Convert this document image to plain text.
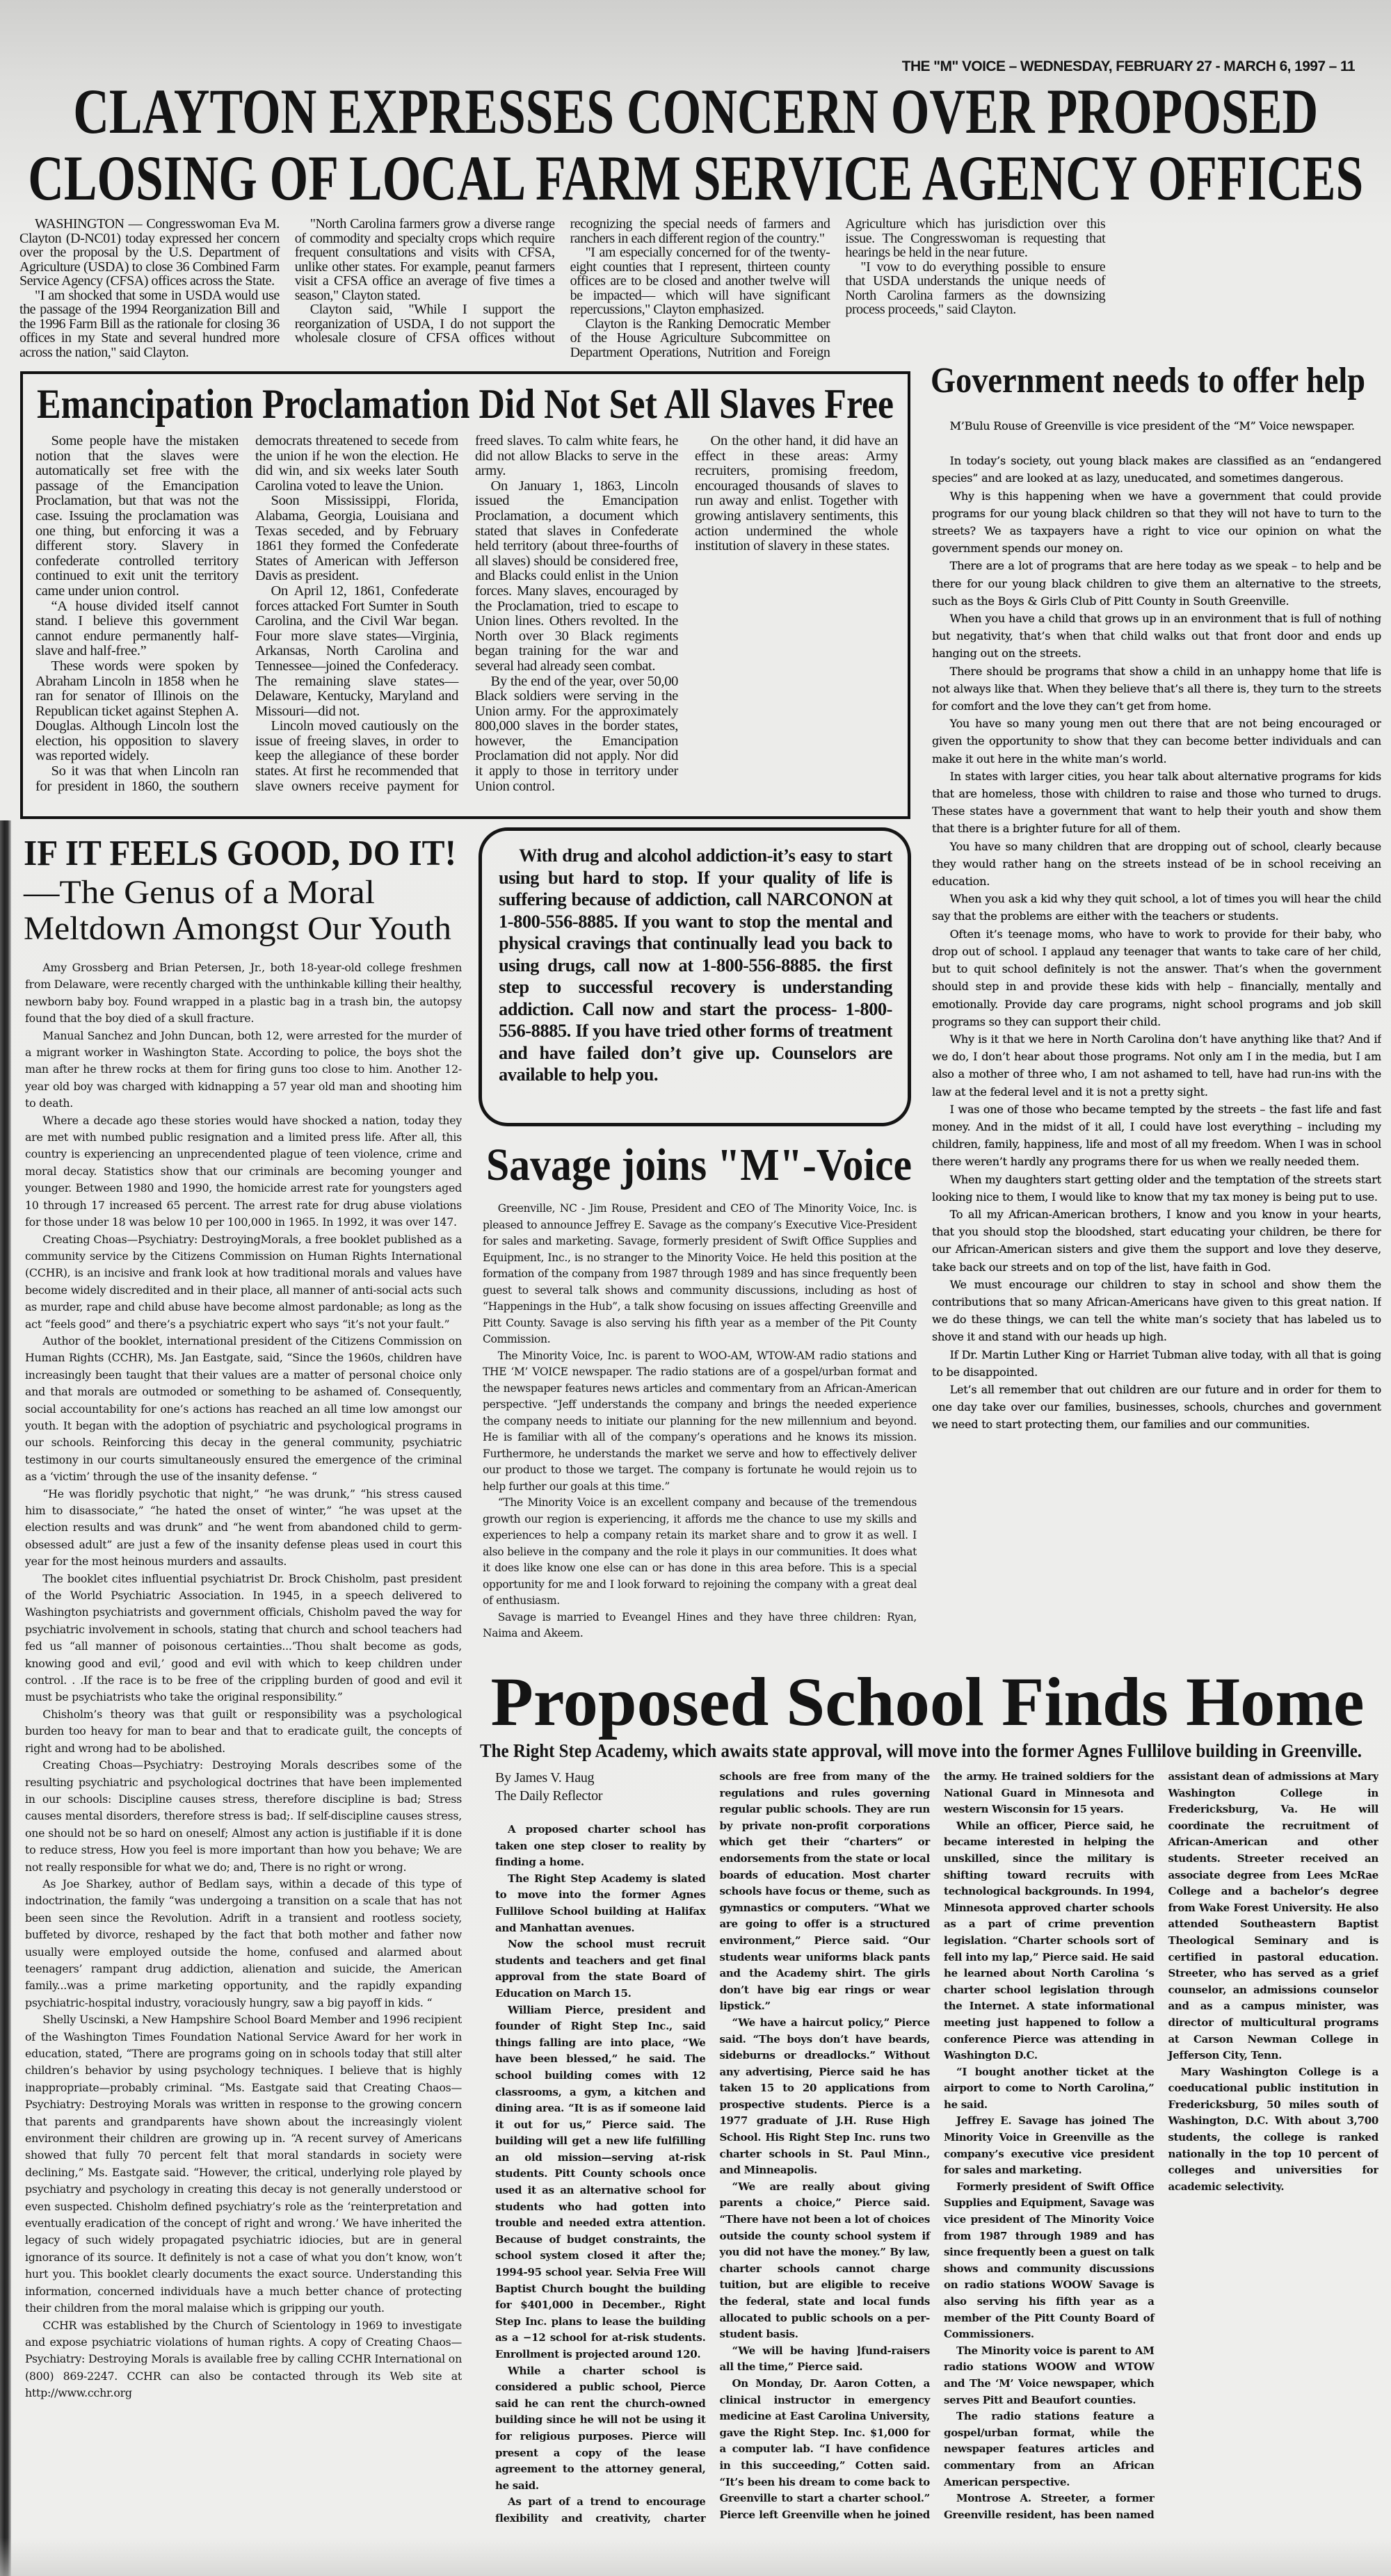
THE "M" VOICE – WEDNESDAY, FEBRUARY 27 - MARCH 6, 1997 – 11
CLAYTON EXPRESSES CONCERN OVER PROPOSED
CLOSING OF LOCAL FARM SERVICE AGENCY OFFICES

WASHINGTON — Congresswoman Eva M. Clayton (D-NC01) today expressed her concern over the proposal by the U.S. Department of Agriculture (USDA) to close 36 Combined Farm Service Agency (CFSA) offices across the State.

"I am shocked that some in USDA would use the passage of the 1994 Reorganization Bill and the 1996 Farm Bill as the rationale for closing 36 offices in my State and several hundred more across the nation," said Clayton.

"North Carolina farmers grow a diverse range of commodity and specialty crops which require frequent consultations and visits with CFSA, unlike other states. For example, peanut farmers visit a CFSA office an average of five times a season," Clayton stated.

Clayton said, "While I support the reorganization of USDA, I do not support the wholesale closure of CFSA offices without recognizing the special needs of farmers and ranchers in each different region of the country."

"I am especially concerned for of the twenty-eight counties that I represent, thirteen county offices are to be closed and another twelve will be impacted— which will have significant repercussions," Clayton emphasized.

Clayton is the Ranking Democratic Member of the House Agriculture Subcommittee on Department Operations, Nutrition and Foreign Agriculture which has jurisdiction over this issue. The Congresswoman is requesting that hearings be held in the near future.

"I vow to do everything possible to ensure that USDA understands the unique needs of North Carolina farmers as the downsizing process proceeds," said Clayton.

Emancipation Proclamation Did Not Set All Slaves Free

Some people have the mistaken notion that the slaves were automatically set free with the passage of the Emancipation Proclamation, but that was not the case. Issuing the proclamation was one thing, but enforcing it was a different story. Slavery in confederate controlled territory continued to exit unit the territory came under union control.

“A house divided itself cannot stand. I believe this government cannot endure permanently half-slave and half-free.”

These words were spoken by Abraham Lincoln in 1858 when he ran for senator of Illinois on the Republican ticket against Stephen A. Douglas. Although Lincoln lost the election, his opposition to slavery was reported widely.

So it was that when Lincoln ran for president in 1860, the southern democrats threatened to secede from the union if he won the election. He did win, and six weeks later South Carolina voted to leave the Union.

Soon Mississippi, Florida, Alabama, Georgia, Louisiana and Texas seceded, and by February 1861 they formed the Confederate States of American with Jefferson Davis as president.

On April 12, 1861, Confederate forces attacked Fort Sumter in South Carolina, and the Civil War began. Four more slave states—Virginia, Arkansas, North Carolina and Tennessee—joined the Confederacy. The remaining slave states—Delaware, Kentucky, Maryland and Missouri—did not.

Lincoln moved cautiously on the issue of freeing slaves, in order to keep the allegiance of these border states. At first he recommended that slave owners receive payment for freed slaves. To calm white fears, he did not allow Blacks to serve in the army.

On January 1, 1863, Lincoln issued the Emancipation Proclamation, a document which stated that slaves in Confederate held territory (about three-fourths of all slaves) should be considered free, and Blacks could enlist in the Union forces. Many slaves, encouraged by the Proclamation, tried to escape to Union lines. Others revolted. In the North over 30 Black regiments began training for the war and several had already seen combat.

By the end of the year, over 50,00 Black soldiers were serving in the Union army. For the approximately 800,000 slaves in the border states, however, the Emancipation Proclamation did not apply. Nor did it apply to those in territory under Union control.

On the other hand, it did have an effect in these areas: Army recruiters, promising freedom, encouraged thousands of slaves to run away and enlist. Together with growing antislavery sentiments, this action undermined the whole institution of slavery in these states.

Government needs to offer help

M’Bulu Rouse of Greenville is vice president of the “M” Voice newspaper.

In today’s society, out young black makes are classified as an “endangered species” and are looked at as lazy, uneducated, and sometimes dangerous.

Why is this happening when we have a government that could provide programs for our young black children so that they will not have to turn to the streets? We as taxpayers have a right to vice our opinion on what the government spends our money on.

There are a lot of programs that are here today as we speak – to help and be there for our young black children to give them an alternative to the streets, such as the Boys & Girls Club of Pitt County in South Greenville.

When you have a child that grows up in an environment that is full of nothing but negativity, that’s when that child walks out that front door and ends up hanging out on the streets.

There should be programs that show a child in an unhappy home that life is not always like that. When they believe that’s all there is, they turn to the streets for comfort and the love they can’t get from home.

You have so many young men out there that are not being encouraged or given the opportunity to show that they can become better individuals and can make it out here in the white man’s world.

In states with larger cities, you hear talk about alternative programs for kids that are homeless, those with children to raise and those who turned to drugs. These states have a government that want to help their youth and show them that there is a brighter future for all of them.

You have so many children that are dropping out of school, clearly because they would rather hang on the streets instead of be in school receiving an education.

When you ask a kid why they quit school, a lot of times you will hear the child say that the problems are either with the teachers or students.

Often it’s teenage moms, who have to work to provide for their baby, who drop out of school. I applaud any teenager that wants to take care of her child, but to quit school definitely is not the answer. That’s when the government should step in and provide these kids with help – financially, mentally and emotionally. Provide day care programs, night school programs and job skill programs so they can support their child.

Why is it that we here in North Carolina don’t have anything like that? And if we do, I don’t hear about those programs. Not only am I in the media, but I am also a mother of three who, I am not ashamed to tell, have had run-ins with the law at the federal level and it is not a pretty sight.

I was one of those who became tempted by the streets – the fast life and fast money. And in the midst of it all, I could have lost everything – including my children, family, happiness, life and most of all my freedom. When I was in school there weren’t hardly any programs there for us when we really needed them.

When my daughters start getting older and the temptation of the streets start looking nice to them, I would like to know that my tax money is being put to use.

To all my African-American brothers, I know and you know in your hearts, that you should stop the bloodshed, start educating your children, be there for our African-American sisters and give them the support and love they deserve, take back our streets and on top of the list, have faith in God.

We must encourage our children to stay in school and show them the contributions that so many African-Americans have given to this great nation. If we do these things, we can tell the white man’s society that has labeled us to shove it and stand with our heads up high.

If Dr. Martin Luther King or Harriet Tubman alive today, with all that is going to be disappointed.

Let’s all remember that out children are our future and in order for them to one day take over our families, businesses, schools, churches and government we need to start protecting them, our families and our communities.

IF IT FEELS GOOD, DO IT!
—The Genus of a Moral
Meltdown Amongst Our Youth

Amy Grossberg and Brian Petersen, Jr., both 18-year-old college freshmen from Delaware, were recently charged with the unthinkable killing their healthy, newborn baby boy. Found wrapped in a plastic bag in a trash bin, the autopsy found that the boy died of a skull fracture.

Manual Sanchez and John Duncan, both 12, were arrested for the murder of a migrant worker in Washington State. According to police, the boys shot the man after he threw rocks at them for firing guns too close to him. Another 12-year old boy was charged with kidnapping a 57 year old man and shooting him to death.

Where a decade ago these stories would have shocked a nation, today they are met with numbed public resignation and a limited press life. After all, this country is experiencing an unprecendented plague of teen violence, crime and moral decay. Statistics show that our criminals are becoming younger and younger. Between 1980 and 1990, the homicide arrest rate for youngsters aged 10 through 17 increased 65 percent. The arrest rate for drug abuse violations for those under 18 was below 10 per 100,000 in 1965. In 1992, it was over 147.

Creating Choas—Psychiatry: DestroyingMorals, a free booklet published as a community service by the Citizens Commission on Human Rights International (CCHR), is an incisive and frank look at how traditional morals and values have become widely discredited and in their place, all manner of anti-social acts such as murder, rape and child abuse have become almost pardonable; as long as the act “feels good” and there’s a psychiatric expert who says “it’s not your fault.”

Author of the booklet, international president of the Citizens Commission on Human Rights (CCHR), Ms. Jan Eastgate, said, “Since the 1960s, children have increasingly been taught that their values are a matter of personal choice only and that morals are outmoded or something to be ashamed of. Consequently, social accountability for one’s actions has reached an all time low amongst our youth. It began with the adoption of psychiatric and psychological programs in our schools. Reinforcing this decay in the general community, psychiatric testimony in our courts simultaneously ensured the emergence of the criminal as a ‘victim’ through the use of the insanity defense. “

“He was floridly psychotic that night,” “he was drunk,” “his stress caused him to disassociate,” “he hated the onset of winter,” “he was upset at the election results and was drunk” and “he went from abandoned child to germ-obsessed adult” are just a few of the insanity defense pleas used in court this year for the most heinous murders and assaults.

The booklet cites influential psychiatrist Dr. Brock Chisholm, past president of the World Psychiatric Association. In 1945, in a speech delivered to Washington psychiatrists and government officials, Chisholm paved the way for psychiatric involvement in schools, stating that church and school teachers had fed us “all manner of poisonous certainties...’Thou shalt become as gods, knowing good and evil,’ good and evil with which to keep children under control. . .If the race is to be free of the crippling burden of good and evil it must be psychiatrists who take the original responsibility.”

Chisholm’s theory was that guilt or responsibility was a psychological burden too heavy for man to bear and that to eradicate guilt, the concepts of right and wrong had to be abolished.

Creating Choas—Psychiatry: Destroying Morals describes some of the resulting psychiatric and psychological doctrines that have been implemented in our schools: Discipline causes stress, therefore discipline is bad; Stress causes mental disorders, therefore stress is bad;. If self-discipline causes stress, one should not be so hard on oneself; Almost any action is justifiable if it is done to reduce stress, How you feel is more important than how you behave; We are not really responsible for what we do; and, There is no right or wrong.

As Joe Sharkey, author of Bedlam says, within a decade of this type of indoctrination, the family “was undergoing a transition on a scale that has not been seen since the Revolution. Adrift in a transient and rootless society, buffeted by divorce, reshaped by the fact that both mother and father now usually were employed outside the home, confused and alarmed about teenagers’ rampant drug addiction, alienation and suicide, the American family...was a prime marketing opportunity, and the rapidly expanding psychiatric-hospital industry, voraciously hungry, saw a big payoff in kids. “

Shelly Uscinski, a New Hampshire School Board Member and 1996 recipient of the Washington Times Foundation National Service Award for her work in education, stated, “There are programs going on in schools today that still alter children’s behavior by using psychology techniques. I believe that is highly inappropriate—probably criminal. “Ms. Eastgate said that Creating Chaos—Psychiatry: Destroying Morals was written in response to the growing concern that parents and grandparents have shown about the increasingly violent environment their children are growing up in. “A recent survey of Americans showed that fully 70 percent felt that moral standards in society were declining,” Ms. Eastgate said. “However, the critical, underlying role played by psychiatry and psychology in creating this decay is not generally understood or even suspected. Chisholm defined psychiatry’s role as the ‘reinterpretation and eventually eradication of the concept of right and wrong.’ We have inherited the legacy of such widely propagated psychiatric idiocies, but are in general ignorance of its source. It definitely is not a case of what you don’t know, won’t hurt you. This booklet clearly documents the exact source. Understanding this information, concerned individuals have a much better chance of protecting their children from the moral malaise which is gripping our youth.

CCHR was established by the Church of Scientology in 1969 to investigate and expose psychiatric violations of human rights. A copy of Creating Chaos—Psychiatry: Destroying Morals is available free by calling CCHR International on (800) 869-2247. CCHR can also be contacted through its Web site at http://www.cchr.org

With drug and alcohol addiction-it’s easy to start using but hard to stop. If your quality of life is suffering because of addiction, call NARCONON at 1-800-556-8885. If you want to stop the mental and physical cravings that continually lead you back to using drugs, call now at 1-800-556-8885. the first step to successful recovery is understanding addiction. Call now and start the process- 1-800-556-8885. If you have tried other forms of treatment and have failed don’t give up. Counselors are available to help you.

Savage joins "M"-Voice

Greenville, NC - Jim Rouse, President and CEO of The Minority Voice, Inc. is pleased to announce Jeffrey E. Savage as the company’s Executive Vice-President for sales and marketing. Savage, formerly president of Swift Office Supplies and Equipment, Inc., is no stranger to the Minority Voice. He held this position at the formation of the company from 1987 through 1989 and has since frequently been guest to several talk shows and community discussions, including as host of “Happenings in the Hub”, a talk show focusing on issues affecting Greenville and Pitt County. Savage is also serving his fifth year as a member of the Pit County Commission.

The Minority Voice, Inc. is parent to WOO-AM, WTOW-AM radio stations and THE ‘M’ VOICE newspaper. The radio stations are of a gospel/urban format and the newspaper features news articles and commentary from an African-American perspective. “Jeff understands the company and brings the needed experience the company needs to initiate our planning for the new millennium and beyond. He is familiar with all of the company’s operations and he knows its mission. Furthermore, he understands the market we serve and how to effectively deliver our product to those we target. The company is fortunate he would rejoin us to help further our goals at this time.”

“The Minority Voice is an excellent company and because of the tremendous growth our region is experiencing, it affords me the chance to use my skills and experiences to help a company retain its market share and to grow it as well. I also believe in the company and the role it plays in our communities. It does what it does like know one else can or has done in this area before. This is a special opportunity for me and I look forward to rejoining the company with a great deal of enthusiasm.

Savage is married to Eveangel Hines and they have three children: Ryan, Naima and Akeem.

Proposed School Finds Home
The Right Step Academy, which awaits state approval, will move into the former Agnes Fullilove building in Greenville.

By James V. Haug

The Daily Reflector

A proposed charter school has taken one step closer to reality by finding a home.

The Right Step Academy is slated to move into the former Agnes Fullilove School building at Halifax and Manhattan avenues.

Now the school must recruit students and teachers and get final approval from the state Board of Education on March 15.

William Pierce, president and founder of Right Step Inc., said things falling are into place, “We have been blessed,” he said. The school building comes with 12 classrooms, a gym, a kitchen and dining area. “It is as if someone laid it out for us,” Pierce said. The building will get a new life fulfilling an old mission—serving at-risk students. Pitt County schools once used it as an alternative school for students who had gotten into trouble and needed extra attention. Because of budget constraints, the school system closed it after the; 1994-95 school year. Selvia Free Will Baptist Church bought the building for $401,000 in December., Right Step Inc. plans to lease the building as a −12 school for at-risk students. Enrollment is projected around 120.

While a charter school is considered a public school, Pierce said he can rent the church-owned building since he will not be using it for religious purposes. Pierce will present a copy of the lease agreement to the attorney general, he said.

As part of a trend to encourage flexibility and creativity, charter schools are free from many of the regulations and rules governing regular public schools. They are run by private non-profit corporations which get their “charters” or endorsements from the state or local boards of education. Most charter schools have focus or theme, such as gymnastics or computers. “What we are going to offer is a structured environment,” Pierce said. “Our students wear uniforms black pants and the Academy shirt. The girls don’t have big ear rings or wear lipstick.”

“We have a haircut policy,” Pierce said. “The boys don’t have beards, sideburns or dreadlocks.” Without any advertising, Pierce said he has taken 15 to 20 applications from prospective students. Pierce is a 1977 graduate of J.H. Ruse High School. His Right Step Inc. runs two charter schools in St. Paul Minn., and Minneapolis.

“We are really about giving parents a choice,” Pierce said. “There have not been a lot of choices outside the county school system if you did not have the money.” By law, charter schools cannot charge tuition, but are eligible to receive the federal, state and local funds allocated to public schools on a per-student basis.

“We will be having ]fund-raisers all the time,” Pierce said.

On Monday, Dr. Aaron Cotten, a clinical instructor in emergency medicine at East Carolina University, gave the Right Step. Inc. $1,000 for a computer lab. “I have confidence in this succeeding,” Cotten said. “It’s been his dream to come back to Greenville to start a charter school.” Pierce left Greenville when he joined the army. He trained soldiers for the National Guard in Minnesota and western Wisconsin for 15 years.

While an officer, Pierce said, he became interested in helping the unskilled, since the military is shifting toward recruits with technological backgrounds. In 1994, Minnesota approved charter schools as a part of crime prevention legislation. “Charter schools sort of fell into my lap,” Pierce said. He said he learned about North Carolina ‘s charter school legislation through the Internet. A state informational meeting just happened to follow a conference Pierce was attending in Washington D.C.

“I bought another ticket at the airport to come to North Carolina,” he said.

Jeffrey E. Savage has joined The Minority Voice in Greenville as the company’s executive vice president for sales and marketing.

Formerly president of Swift Office Supplies and Equipment, Savage was vice president of The Minority Voice from 1987 through 1989 and has since frequently been a guest on talk shows and community discussions on radio stations WOOW Savage is also serving his fifth year as a member of the Pitt County Board of Commissioners.

The Minority voice is parent to AM radio stations WOOW and WTOW and The ‘M’ Voice newspaper, which serves Pitt and Beaufort counties.

The radio stations feature a gospel/urban format, while the newspaper features articles and commentary from an African American perspective.

Montrose A. Streeter, a former Greenville resident, has been named assistant dean of admissions at Mary Washington College in Fredericksburg, Va. He will coordinate the recruitment of African-American and other students. Streeter received an associate degree from Lees McRae College and a bachelor’s degree from Wake Forest University. He also attended Southeastern Baptist Theological Seminary and is certified in pastoral education. Streeter, who has served as a grief counselor, an admissions counselor and as a campus minister, was director of multicultural programs at Carson Newman College in Jefferson City, Tenn.

Mary Washington College is a coeducational public institution in Fredericksburg, 50 miles south of Washington, D.C. With about 3,700 students, the college is ranked nationally in the top 10 percent of colleges and universities for academic selectivity.
